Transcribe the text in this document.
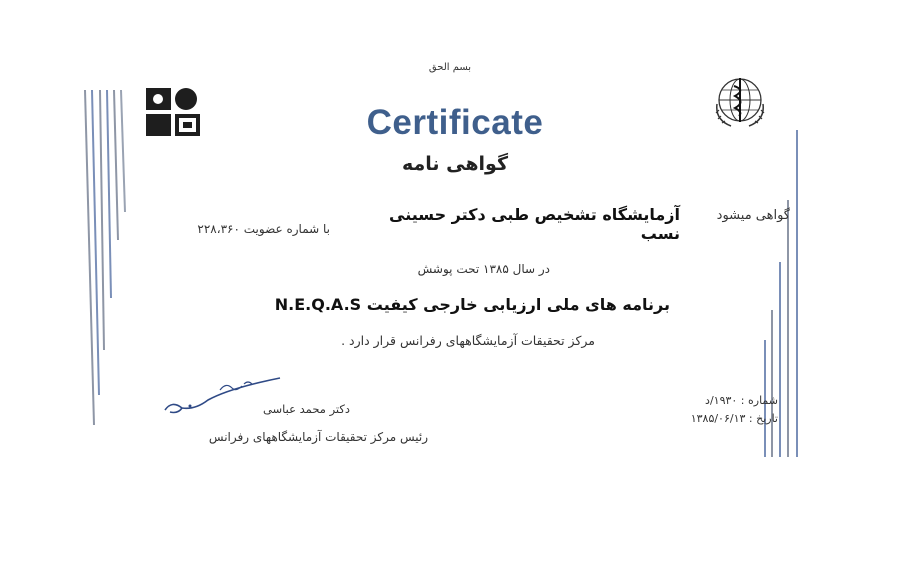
بسم الحق
Certificate
گواهی نامه
گواهی میشود
آزمایشگاه تشخیص طبی دکتر حسینی نسب
با شماره عضویت ۲۲۸،۳۶۰
در سال ۱۳۸۵ تحت پوشش
برنامه های ملی ارزیابی خارجی کیفیت N.E.Q.A.S
مرکز تحقیقات آزمایشگاههای رفرانس قرار دارد .
شماره : ۱۹۳۰/د
تاریخ : ۱۳۸۵/۰۶/۱۳
دکتر محمد عباسی
رئیس مرکز تحقیقات آزمایشگاههای رفرانس
